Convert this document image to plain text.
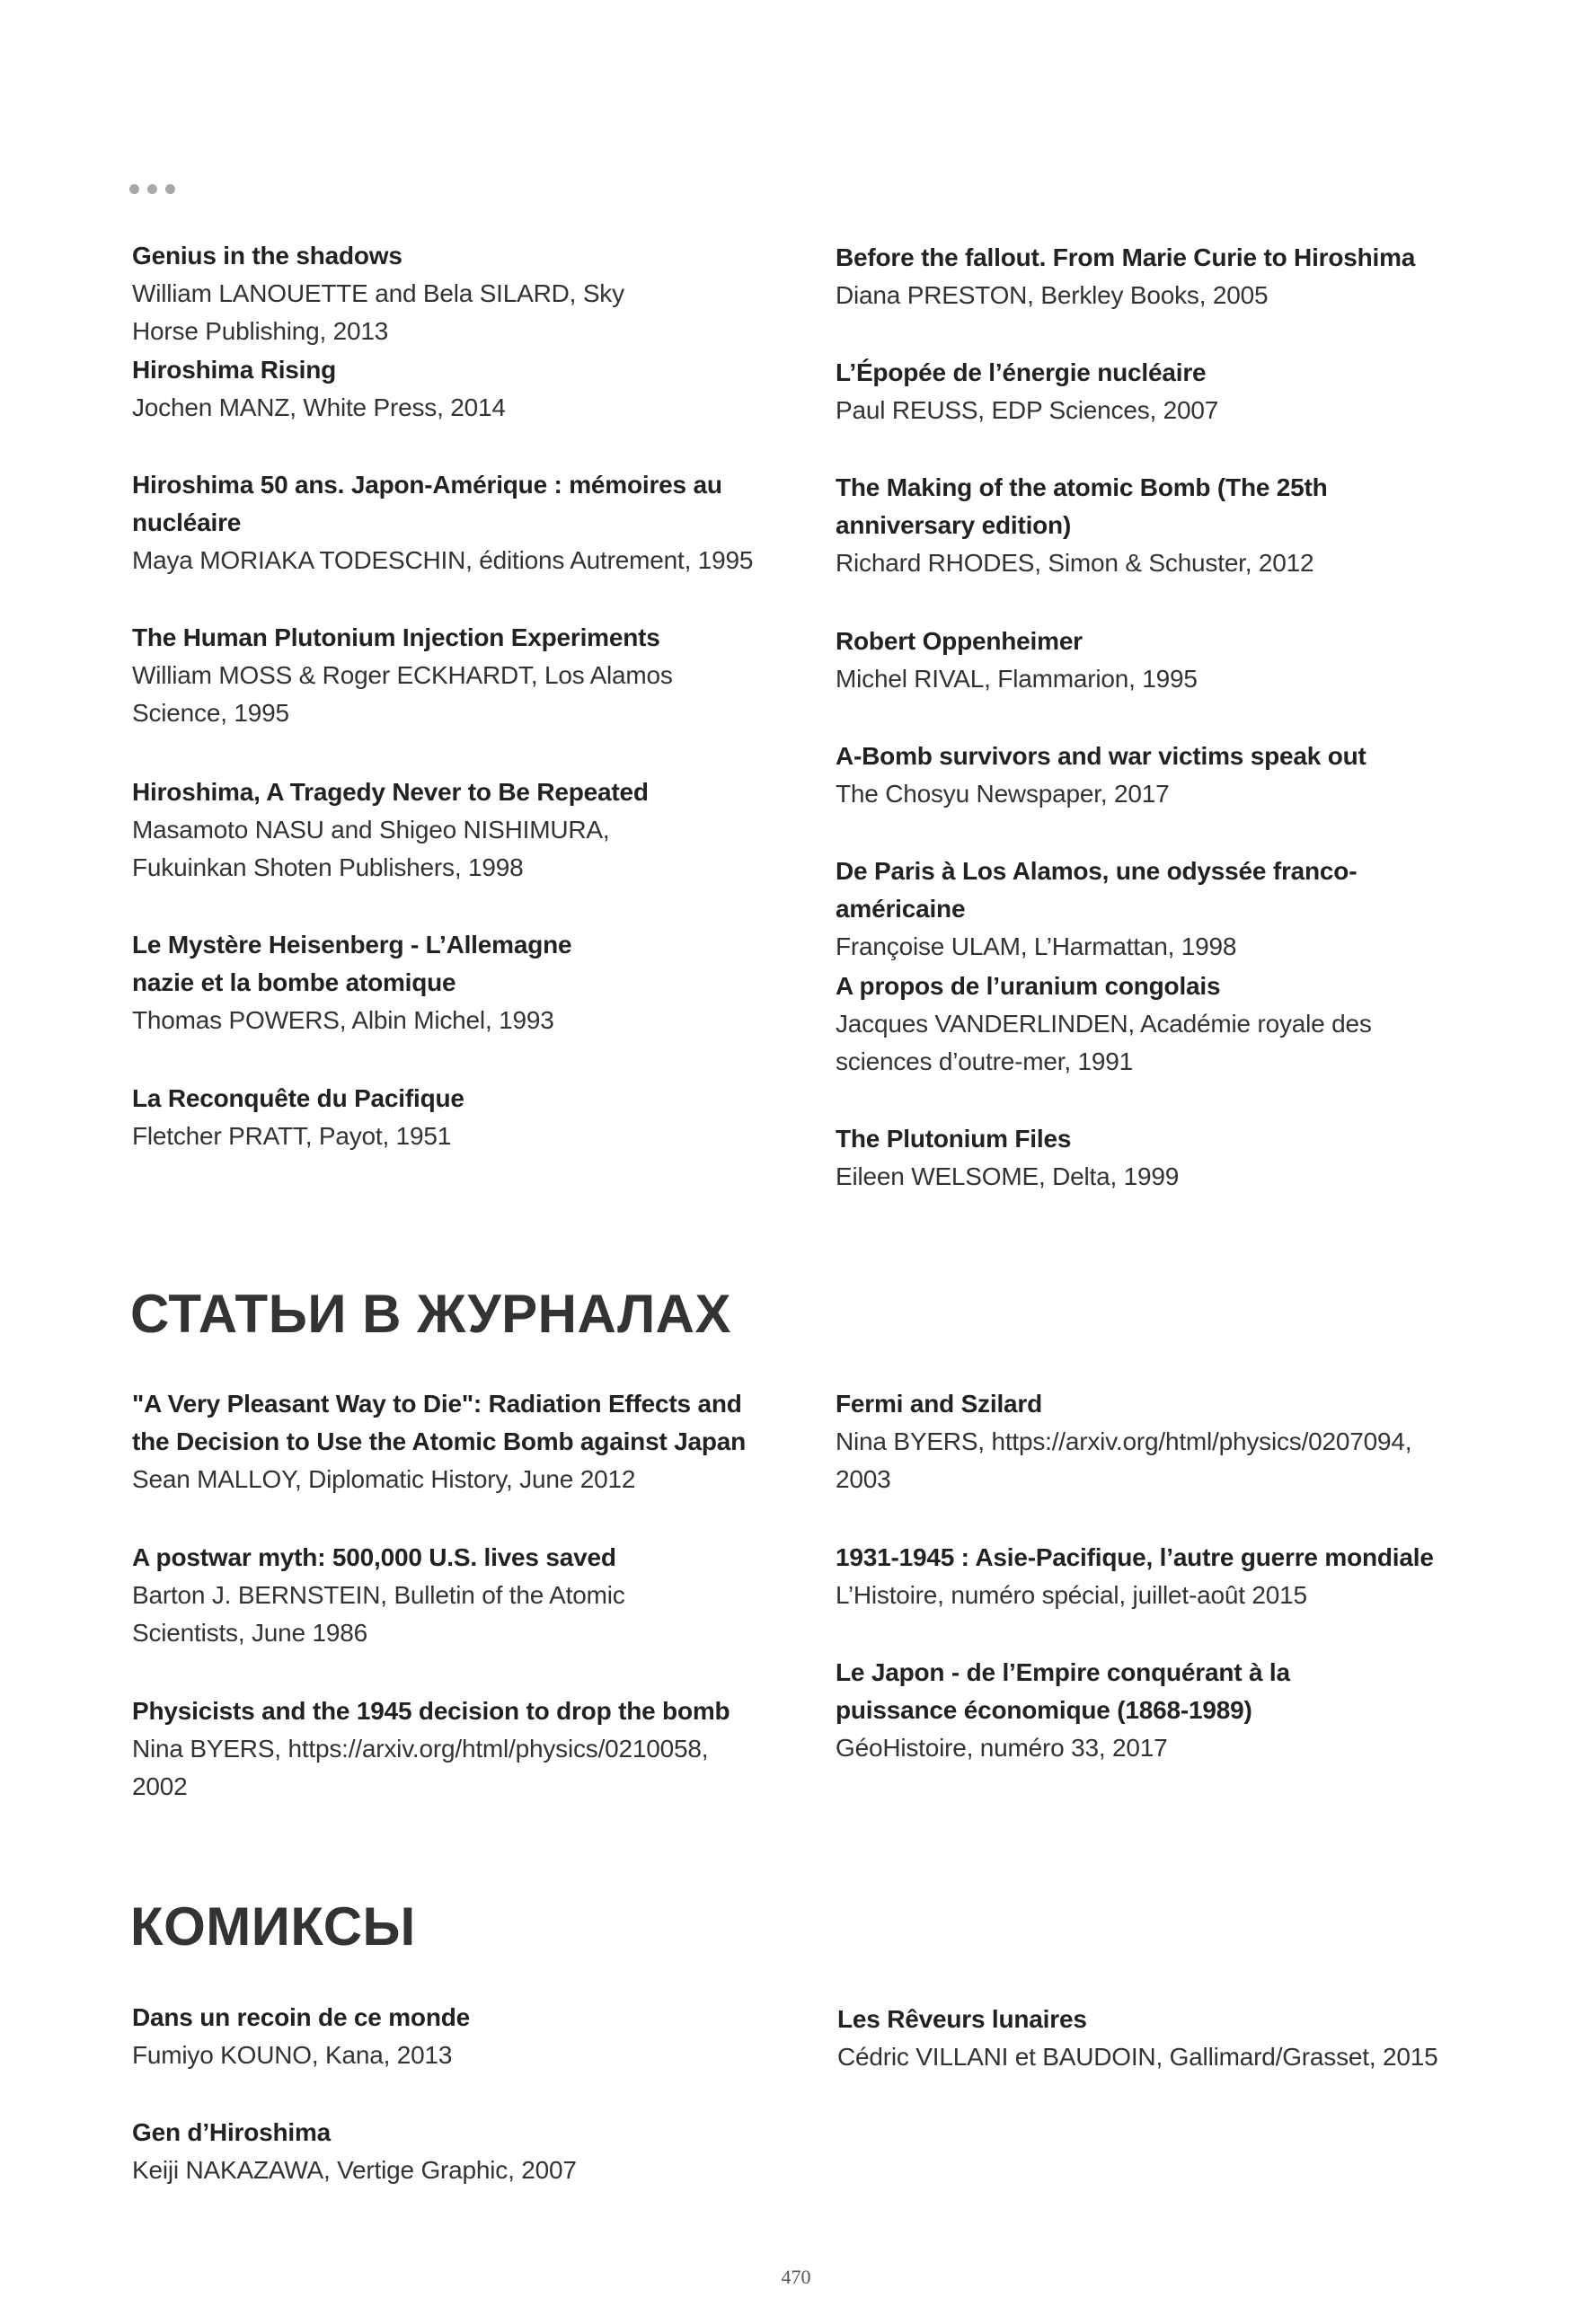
Genius in the shadows
William LANOUETTE and Bela SILARD, Sky Horse Publishing, 2013
Hiroshima Rising
Jochen MANZ, White Press, 2014
Hiroshima 50 ans. Japon-Amérique : mémoires au nucléaire
Maya MORIAKA TODESCHIN, éditions Autrement, 1995
The Human Plutonium Injection Experiments
William MOSS & Roger ECKHARDT, Los Alamos Science, 1995
Hiroshima, A Tragedy Never to Be Repeated
Masamoto NASU and Shigeo NISHIMURA, Fukuinkan Shoten Publishers, 1998
Le Mystère Heisenberg - L’Allemagne nazie et la bombe atomique
Thomas POWERS, Albin Michel, 1993
La Reconquête du Pacifique
Fletcher PRATT, Payot, 1951
Before the fallout. From Marie Curie to Hiroshima
Diana PRESTON, Berkley Books, 2005
L’Épopée de l’énergie nucléaire
Paul REUSS, EDP Sciences, 2007
The Making of the atomic Bomb (The 25th anniversary edition)
Richard RHODES, Simon & Schuster, 2012
Robert Oppenheimer
Michel RIVAL, Flammarion, 1995
A-Bomb survivors and war victims speak out
The Chosyu Newspaper, 2017
De Paris à Los Alamos, une odyssée franco-américaine
Françoise ULAM, L’Harmattan, 1998
A propos de l’uranium congolais
Jacques VANDERLINDEN, Académie royale des sciences d’outre-mer, 1991
The Plutonium Files
Eileen WELSOME, Delta, 1999
СТАТЬИ В ЖУРНАЛАХ
"A Very Pleasant Way to Die": Radiation Effects and the Decision to Use the Atomic Bomb against Japan
Sean MALLOY, Diplomatic History, June 2012
A postwar myth: 500,000 U.S. lives saved
Barton J. BERNSTEIN, Bulletin of the Atomic Scientists, June 1986
Physicists and the 1945 decision to drop the bomb
Nina BYERS, https://arxiv.org/html/physics/0210058, 2002
Fermi and Szilard
Nina BYERS, https://arxiv.org/html/physics/0207094, 2003
1931-1945 : Asie-Pacifique, l’autre guerre mondiale
L’Histoire, numéro spécial, juillet-août 2015
Le Japon - de l’Empire conquérant à la puissance économique (1868-1989)
GéoHistoire, numéro 33, 2017
КОМИКСЫ
Dans un recoin de ce monde
Fumiyo KOUNO, Kana, 2013
Gen d’Hiroshima
Keiji NAKAZAWA, Vertige Graphic, 2007
Les Rêveurs lunaires
Cédric VILLANI et BAUDOIN, Gallimard/Grasset, 2015
470
